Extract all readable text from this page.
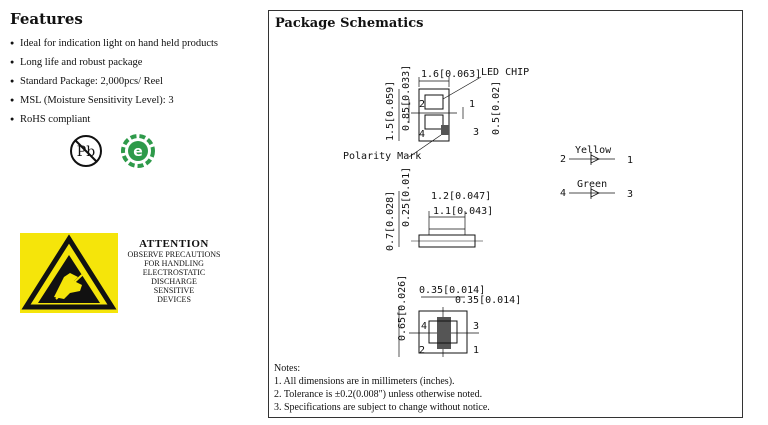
Features
● Ideal for indication light on hand held products
● Long life and robust package
● Standard Package: 2,000pcs/ Reel
● MSL (Moisture Sensitivity Level): 3
● RoHS compliant
Pb
	e
ATTENTION
OBSERVE PRECAUTIONS
FOR HANDLING
ELECTROSTATIC
DISCHARGE
SENSITIVE
DEVICES
Package Schematics
1.6[0.063] LED CHIP
1.5[0.059] 0.85[0.033]	0.5[0.02]
Polarity Mark
2	1
4	3
1.2[0.047]
1.1[0.043]
0.7[0.028] 0.25[0.01]
0.35[0.014]
0.35[0.014]
0.65[0.026] 4	3
2	1
Yellow
2	1
Green
4	3
Notes:
1. All dimensions are in millimeters (inches).
2. Tolerance is ±0.2(0.008") unless otherwise noted.
3. Specifications are subject to change without notice.
